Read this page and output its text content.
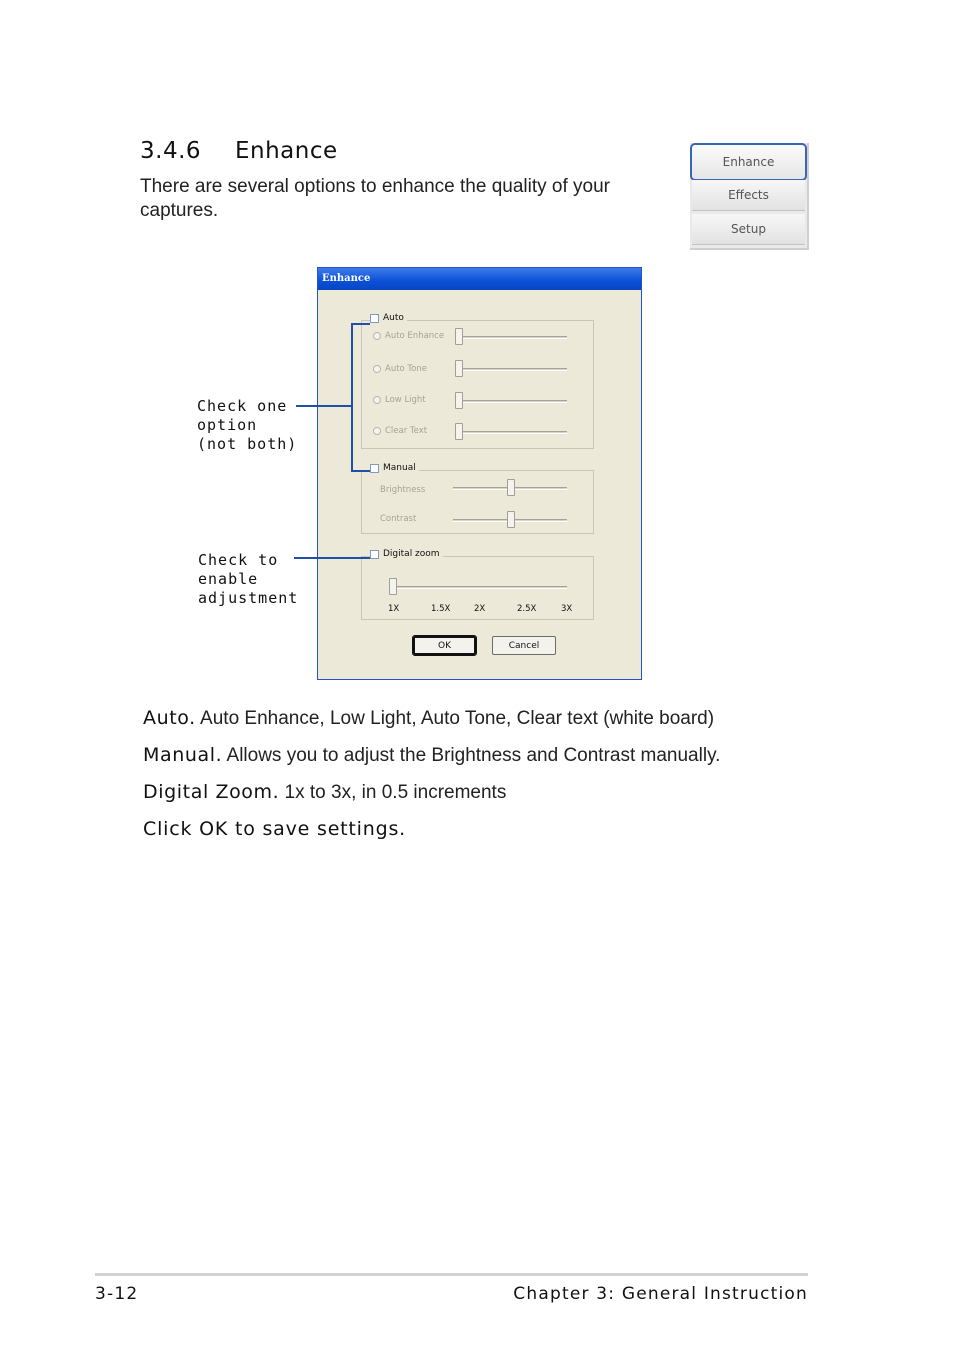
3.4.6 Enhance
There are several options to enhance the quality of your captures.
Enhance
Effects
Setup
Enhance
Auto
Auto Enhance
Auto Tone
Low Light
Clear Text
Manual
Brightness
Contrast
Digital zoom
1X	1.5X	2X	2.5X	3X
OK	Cancel
Check one
option
(not both)
Check to
enable
adjustment
Auto. Auto Enhance, Low Light, Auto Tone, Clear text (white board)
Manual. Allows you to adjust the Brightness and Contrast manually.
Digital Zoom. 1x to 3x, in 0.5 increments
Click OK to save settings.
3-12	Chapter 3: General Instruction
